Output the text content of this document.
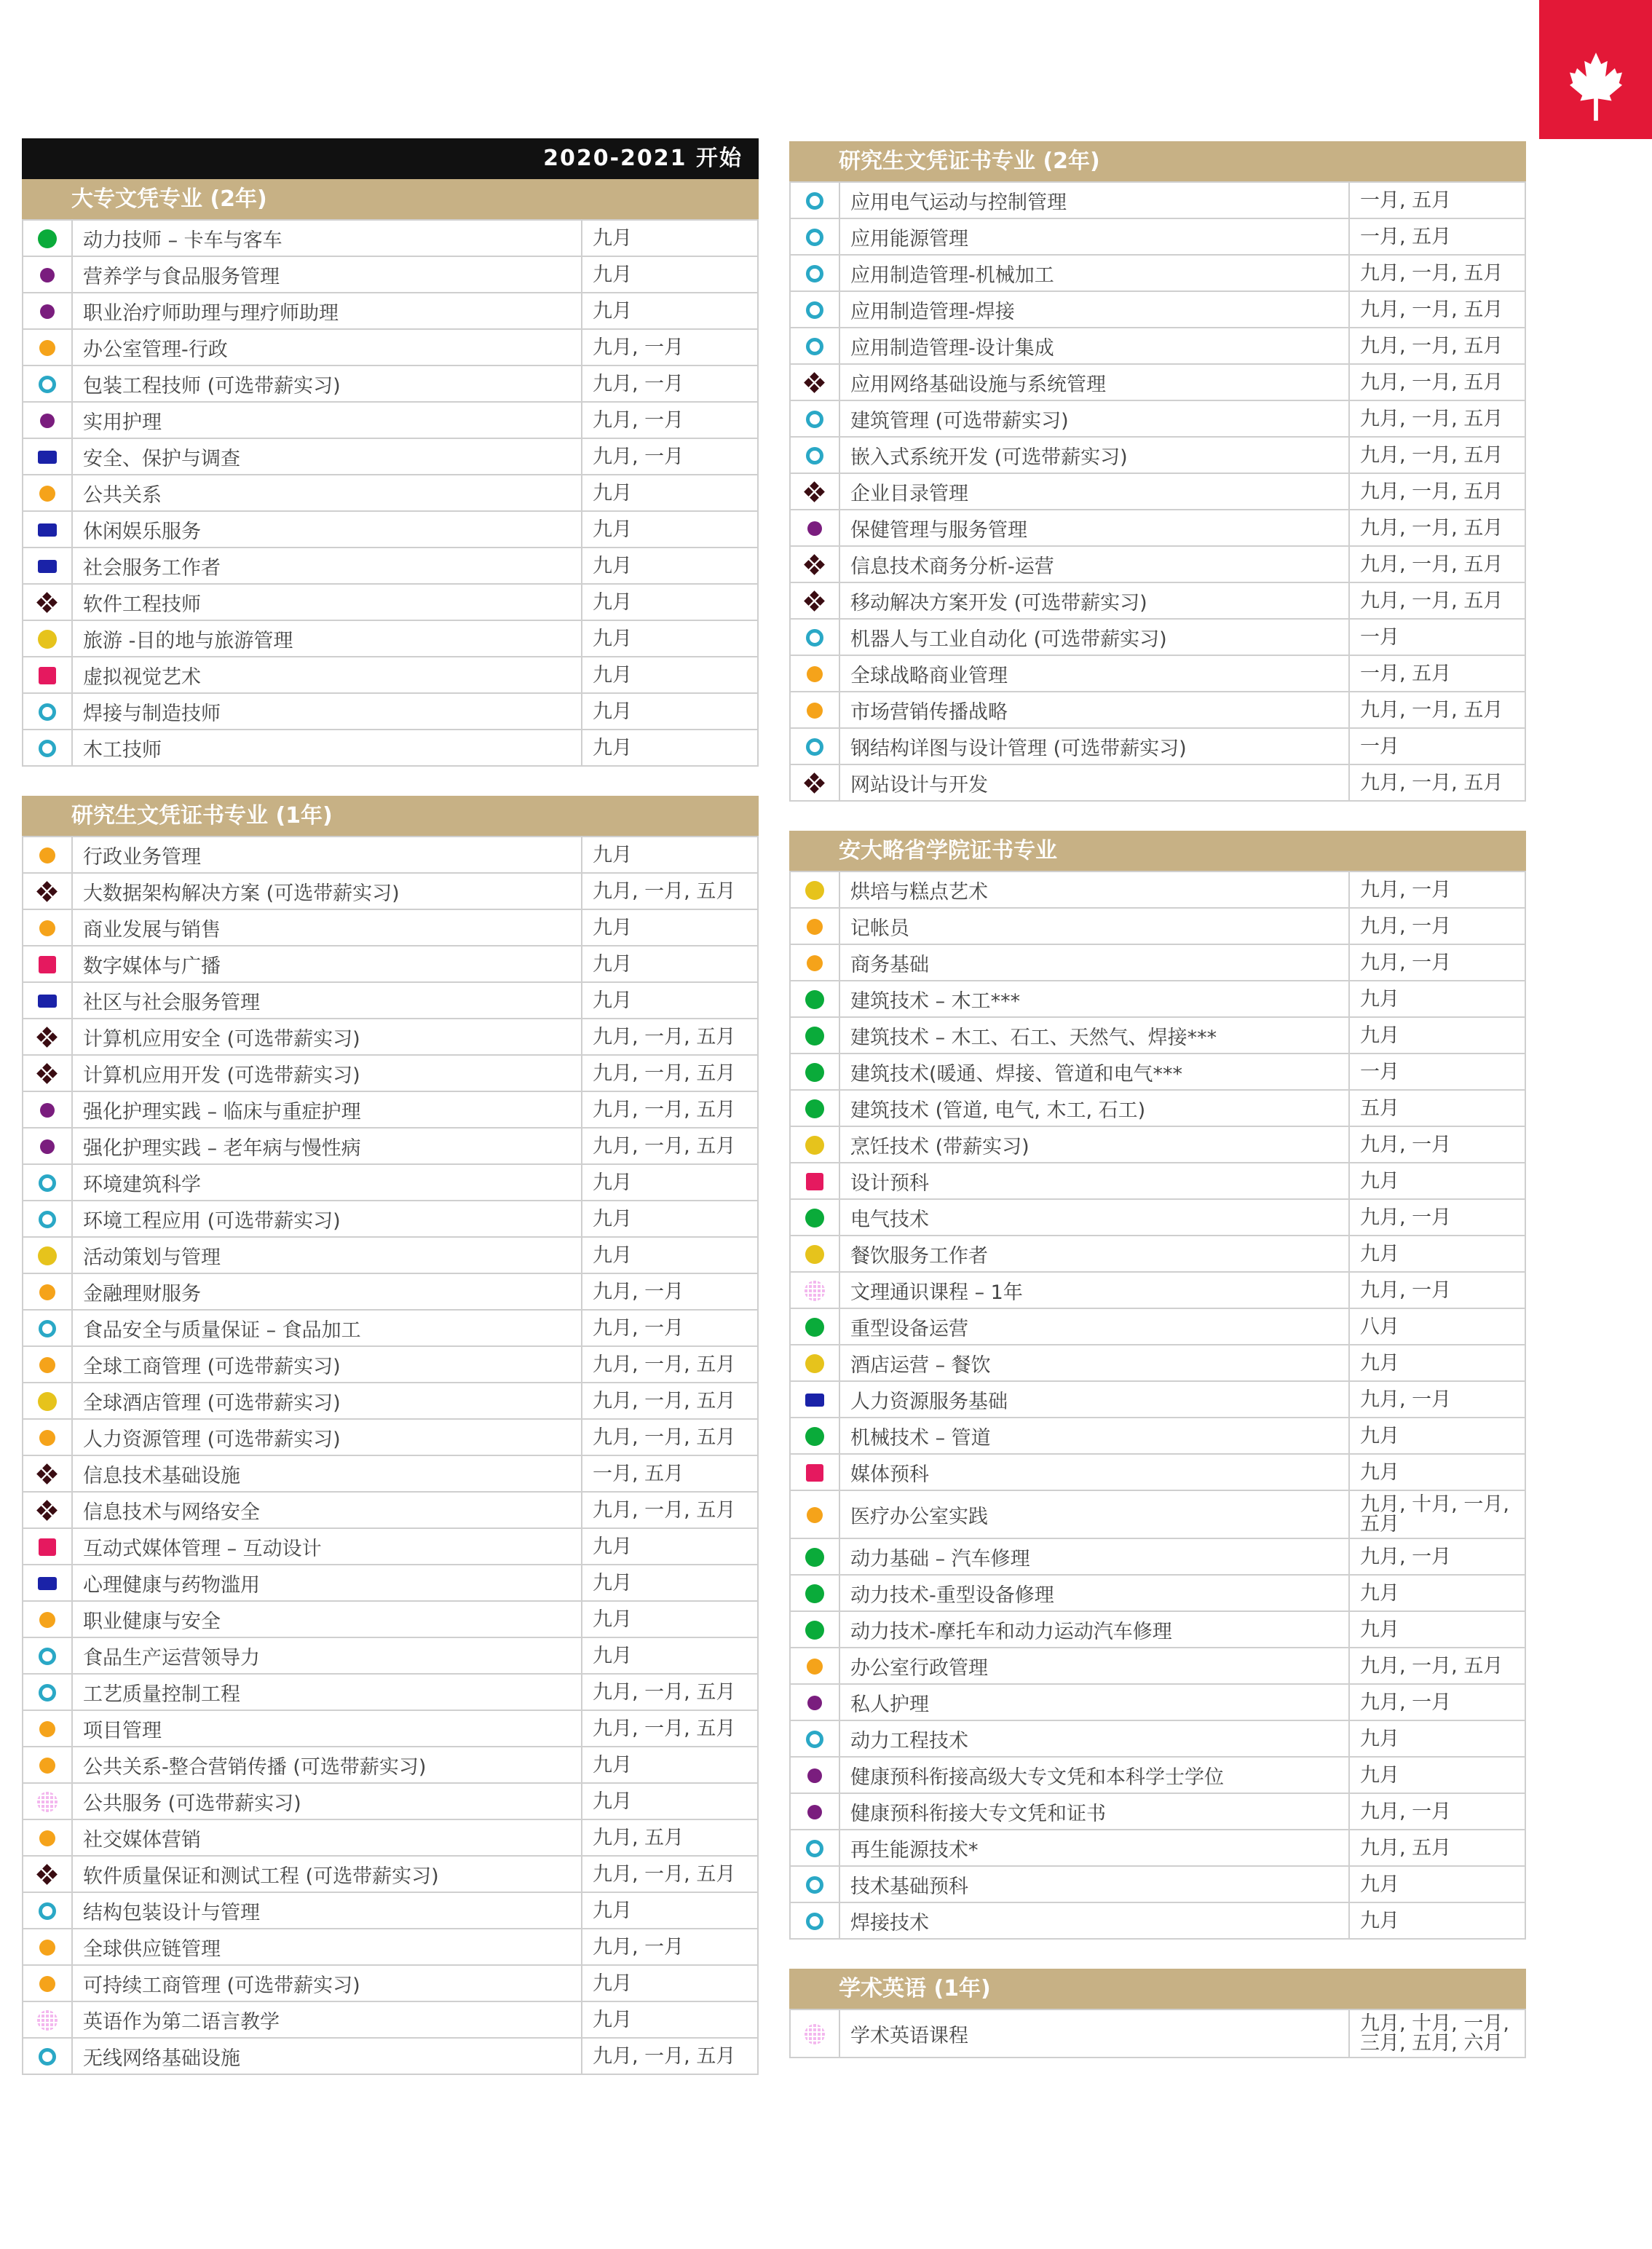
2020-2021 开始
大专文凭专业 (2年)
	动力技师 – 卡车与客车	九月
	营养学与食品服务管理	九月
	职业治疗师助理与理疗师助理	九月
	办公室管理-行政	九月, 一月
	包装工程技师 (可选带薪实习)	九月, 一月
	实用护理	九月, 一月
	安全、保护与调查	九月, 一月
	公共关系	九月
	休闲娱乐服务	九月
	社会服务工作者	九月

	软件工程技师	九月
	旅游 -目的地与旅游管理	九月
	虚拟视觉艺术	九月
	焊接与制造技师	九月
	木工技师	九月
研究生文凭证书专业 (1年)
	行政业务管理	九月

	大数据架构解决方案 (可选带薪实习)	九月, 一月, 五月
	商业发展与销售	九月
	数字媒体与广播	九月
	社区与社会服务管理	九月

	计算机应用安全 (可选带薪实习)	九月, 一月, 五月

	计算机应用开发 (可选带薪实习)	九月, 一月, 五月
	强化护理实践 – 临床与重症护理	九月, 一月, 五月
	强化护理实践 – 老年病与慢性病	九月, 一月, 五月
	环境建筑科学	九月
	环境工程应用 (可选带薪实习)	九月
	活动策划与管理	九月
	金融理财服务	九月, 一月
	食品安全与质量保证 – 食品加工	九月, 一月
	全球工商管理 (可选带薪实习)	九月, 一月, 五月
	全球酒店管理 (可选带薪实习)	九月, 一月, 五月
	人力资源管理 (可选带薪实习)	九月, 一月, 五月

	信息技术基础设施	一月, 五月

	信息技术与网络安全	九月, 一月, 五月
	互动式媒体管理 – 互动设计	九月
	心理健康与药物滥用	九月
	职业健康与安全	九月
	食品生产运营领导力	九月
	工艺质量控制工程	九月, 一月, 五月
	项目管理	九月, 一月, 五月
	公共关系-整合营销传播 (可选带薪实习)	九月
	公共服务 (可选带薪实习)	九月
	社交媒体营销	九月, 五月

	软件质量保证和测试工程 (可选带薪实习)	九月, 一月, 五月
	结构包装设计与管理	九月
	全球供应链管理	九月, 一月
	可持续工商管理 (可选带薪实习)	九月
	英语作为第二语言教学	九月
	无线网络基础设施	九月, 一月, 五月
研究生文凭证书专业 (2年)
	应用电气运动与控制管理	一月, 五月
	应用能源管理	一月, 五月
	应用制造管理-机械加工	九月, 一月, 五月
	应用制造管理-焊接	九月, 一月, 五月
	应用制造管理-设计集成	九月, 一月, 五月

	应用网络基础设施与系统管理	九月, 一月, 五月
	建筑管理 (可选带薪实习)	九月, 一月, 五月
	嵌入式系统开发 (可选带薪实习)	九月, 一月, 五月

	企业目录管理	九月, 一月, 五月
	保健管理与服务管理	九月, 一月, 五月

	信息技术商务分析-运营	九月, 一月, 五月

	移动解决方案开发 (可选带薪实习)	九月, 一月, 五月
	机器人与工业自动化 (可选带薪实习)	一月
	全球战略商业管理	一月, 五月
	市场营销传播战略	九月, 一月, 五月
	钢结构详图与设计管理 (可选带薪实习)	一月

	网站设计与开发	九月, 一月, 五月
安大略省学院证书专业
	烘培与糕点艺术	九月, 一月
	记帐员	九月, 一月
	商务基础	九月, 一月
	建筑技术 – 木工***	九月
	建筑技术 – 木工、石工、天然气、焊接***	九月
	建筑技术(暖通、焊接、管道和电气***	一月
	建筑技术 (管道, 电气, 木工, 石工)	五月
	烹饪技术 (带薪实习)	九月, 一月
	设计预科	九月
	电气技术	九月, 一月
	餐饮服务工作者	九月
	文理通识课程 – 1年	九月, 一月
	重型设备运营	八月
	酒店运营 – 餐饮	九月
	人力资源服务基础	九月, 一月
	机械技术 – 管道	九月
	媒体预科	九月
	医疗办公室实践	九月, 十月, 一月, 五月
	动力基础 – 汽车修理	九月, 一月
	动力技术-重型设备修理	九月
	动力技术-摩托车和动力运动汽车修理	九月
	办公室行政管理	九月, 一月, 五月
	私人护理	九月, 一月
	动力工程技术	九月
	健康预科衔接高级大专文凭和本科学士学位	九月
	健康预科衔接大专文凭和证书	九月, 一月
	再生能源技术*	九月, 五月
	技术基础预科	九月
	焊接技术	九月
学术英语 (1年)
	学术英语课程	九月, 十月, 一月, 三月, 五月, 六月
